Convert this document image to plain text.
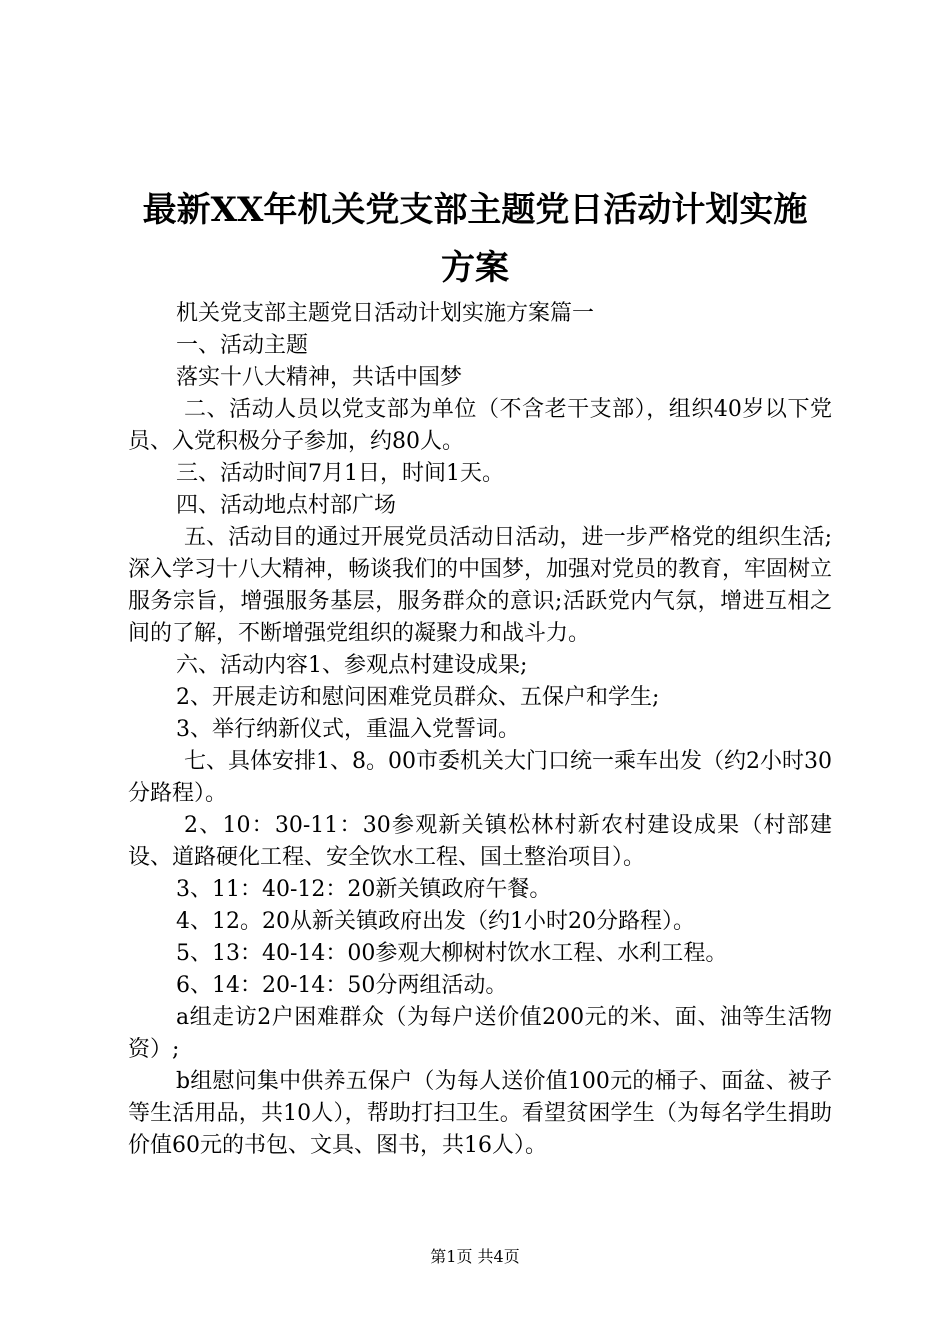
最新XX年机关党支部主题党日活动计划实施
方案

机关党支部主题党日活动计划实施方案篇一

一、活动主题

落实十八大精神，共话中国梦

二、活动人员以党支部为单位（不含老干支部），组织40岁以下党员、入党积极分子参加，约80人。

三、活动时间7月1日，时间1天。

四、活动地点村部广场

五、活动目的通过开展党员活动日活动，进一步严格党的组织生活;深入学习十八大精神，畅谈我们的中国梦，加强对党员的教育，牢固树立服务宗旨，增强服务基层，服务群众的意识;活跃党内气氛，增进互相之间的了解，不断增强党组织的凝聚力和战斗力。

六、活动内容1、参观点村建设成果;

2、开展走访和慰问困难党员群众、五保户和学生;

3、举行纳新仪式，重温入党誓词。

七、具体安排1、8。00市委机关大门口统一乘车出发（约2小时30分路程）。

2、10：30-11：30参观新关镇松林村新农村建设成果（村部建设、道路硬化工程、安全饮水工程、国土整治项目）。

3、11：40-12：20新关镇政府午餐。

4、12。20从新关镇政府出发（约1小时20分路程）。

5、13：40-14：00参观大柳树村饮水工程、水利工程。

6、14：20-14：50分两组活动。

a组走访2户困难群众（为每户送价值200元的米、面、油等生活物资）;

b组慰问集中供养五保户（为每人送价值100元的桶子、面盆、被子等生活用品，共10人），帮助打扫卫生。看望贫困学生（为每名学生捐助价值60元的书包、文具、图书，共16人）。

第1页 共4页
